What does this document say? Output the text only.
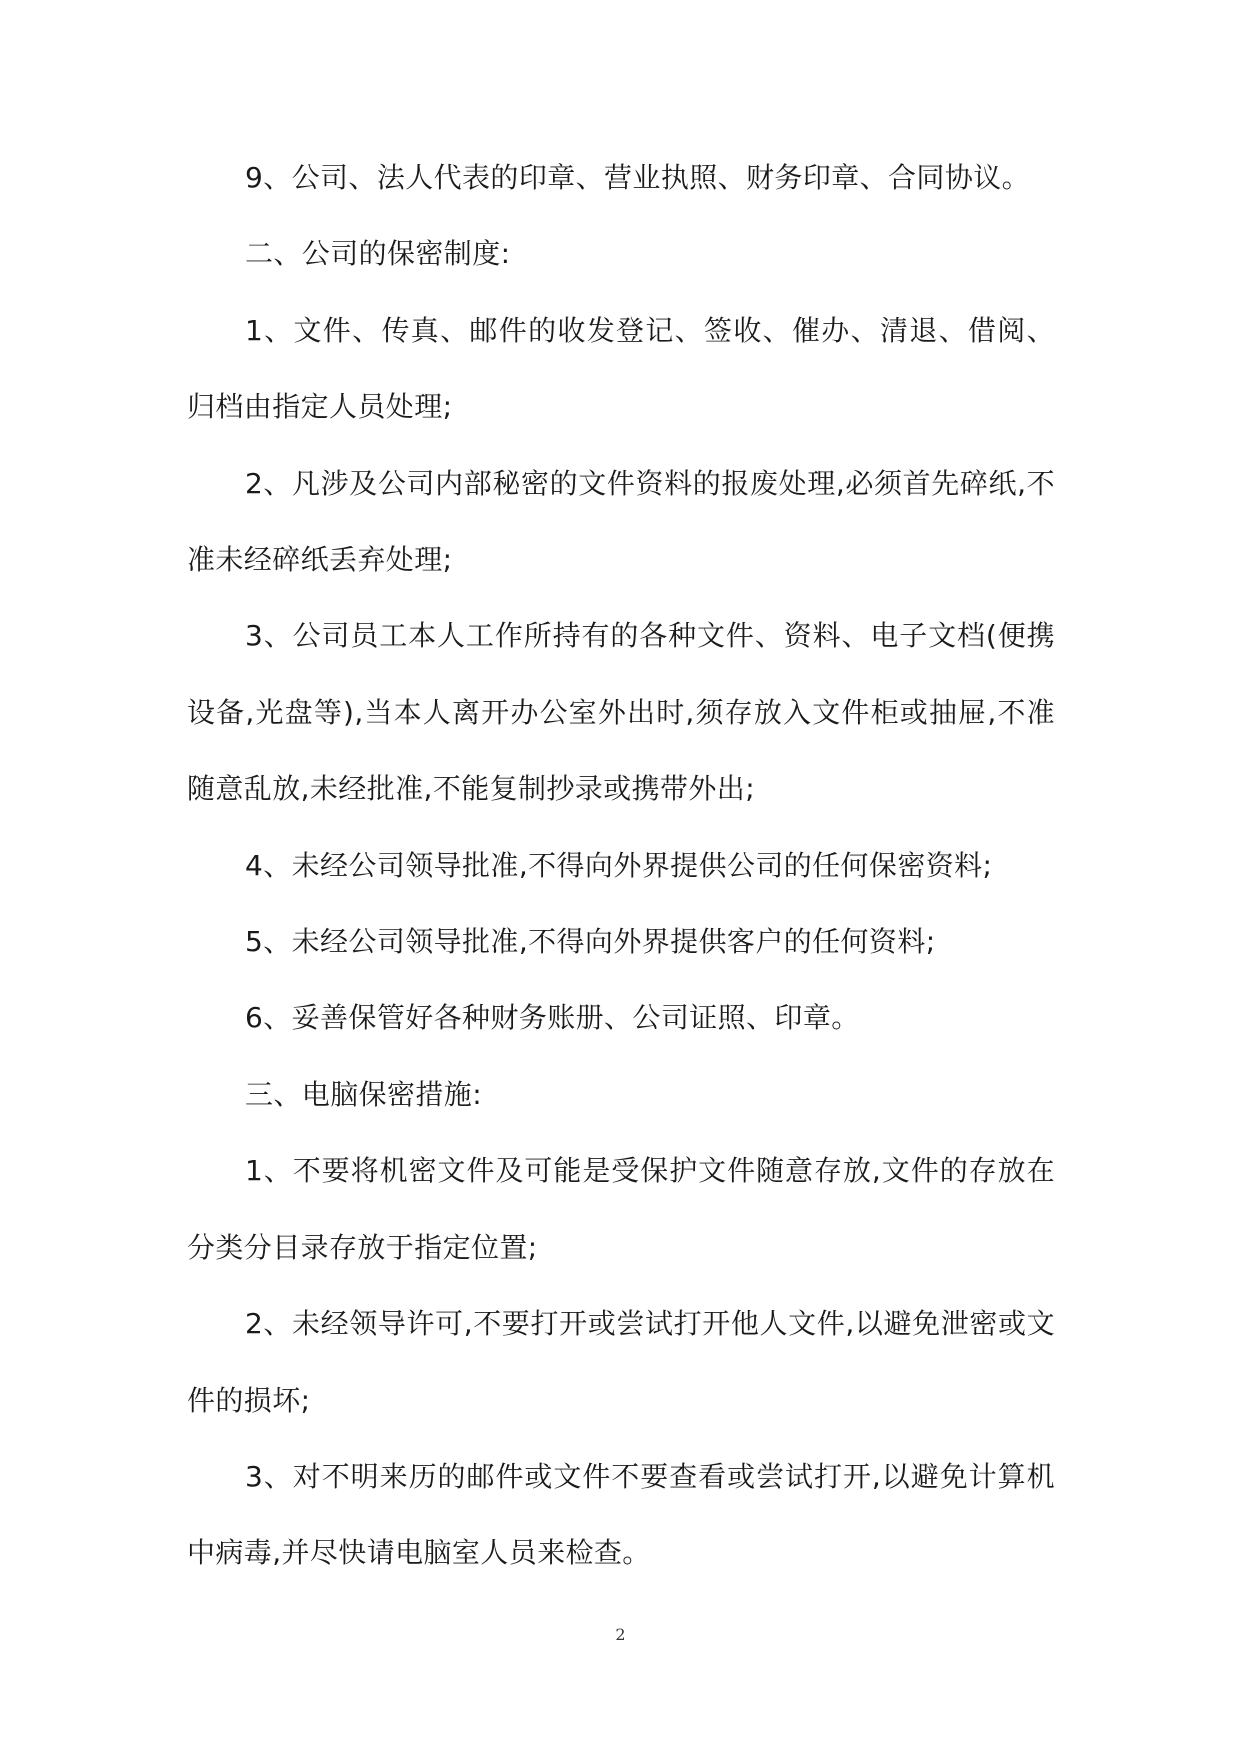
9、公司、法人代表的印章、营业执照、财务印章、合同协议。

二、公司的保密制度:

1、文件、传真、邮件的收发登记、签收、催办、清退、借阅、归档由指定人员处理;

2、凡涉及公司内部秘密的文件资料的报废处理,必须首先碎纸,不准未经碎纸丢弃处理;

3、公司员工本人工作所持有的各种文件、资料、电子文档(便携设备,光盘等),当本人离开办公室外出时,须存放入文件柜或抽屉,不准随意乱放,未经批准,不能复制抄录或携带外出;

4、未经公司领导批准,不得向外界提供公司的任何保密资料;

5、未经公司领导批准,不得向外界提供客户的任何资料;

6、妥善保管好各种财务账册、公司证照、印章。

三、电脑保密措施:

1、不要将机密文件及可能是受保护文件随意存放,文件的存放在分类分目录存放于指定位置;

2、未经领导许可,不要打开或尝试打开他人文件,以避免泄密或文件的损坏;

3、对不明来历的邮件或文件不要查看或尝试打开,以避免计算机中病毒,并尽快请电脑室人员来检查。

2
